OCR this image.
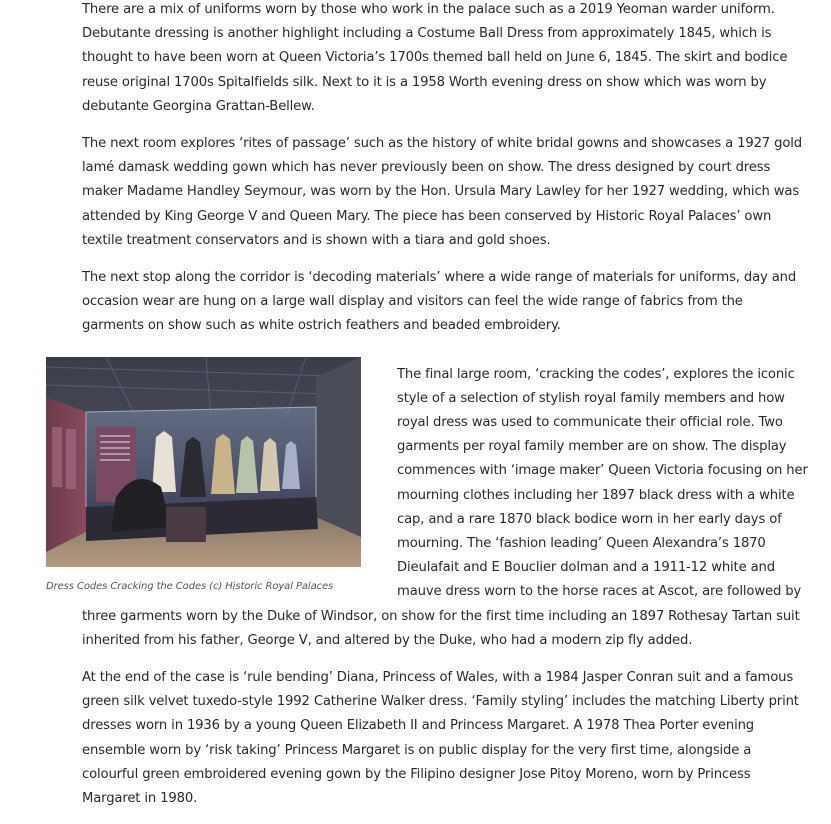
There are a mix of uniforms worn by those who work in the palace such as a 2019 Yeoman warder uniform. Debutante dressing is another highlight including a Costume Ball Dress from approximately 1845, which is thought to have been worn at Queen Victoria’s 1700s themed ball held on June 6, 1845. The skirt and bodice reuse original 1700s Spitalfields silk. Next to it is a 1958 Worth evening dress on show which was worn by debutante Georgina Grattan-Bellew.

The next room explores ‘rites of passage’ such as the history of white bridal gowns and showcases a 1927 gold lamé damask wedding gown which has never previously been on show. The dress designed by court dress maker Madame Handley Seymour, was worn by the Hon. Ursula Mary Lawley for her 1927 wedding, which was attended by King George V and Queen Mary. The piece has been conserved by Historic Royal Palaces’ own textile treatment conservators and is shown with a tiara and gold shoes.

The next stop along the corridor is ‘decoding materials’ where a wide range of materials for uniforms, day and occasion wear are hung on a large wall display and visitors can feel the wide range of fabrics from the garments on show such as white ostrich feathers and beaded embroidery.

Dress Codes Cracking the Codes (c) Historic Royal Palaces

The final large room, ‘cracking the codes’, explores the iconic style of a selection of stylish royal family members and how royal dress was used to communicate their official role. Two garments per royal family member are on show. The display commences with ‘image maker’ Queen Victoria focusing on her mourning clothes including her 1897 black dress with a white cap, and a rare 1870 black bodice worn in her early days of mourning. The ‘fashion leading’ Queen Alexandra’s 1870 Dieulafait and E Bouclier dolman and a 1911-12 white and mauve dress worn to the horse races at Ascot, are followed by three garments worn by the Duke of Windsor, on show for the first time including an 1897 Rothesay Tartan suit inherited from his father, George V, and altered by the Duke, who had a modern zip fly added.

At the end of the case is ‘rule bending’ Diana, Princess of Wales, with a 1984 Jasper Conran suit and a famous green silk velvet tuxedo-style 1992 Catherine Walker dress. ‘Family styling’ includes the matching Liberty print dresses worn in 1936 by a young Queen Elizabeth II and Princess Margaret. A 1978 Thea Porter evening ensemble worn by ‘risk taking’ Princess Margaret is on public display for the very first time, alongside a colourful green embroidered evening gown by the Filipino designer Jose Pitoy Moreno, worn by Princess Margaret in 1980.
